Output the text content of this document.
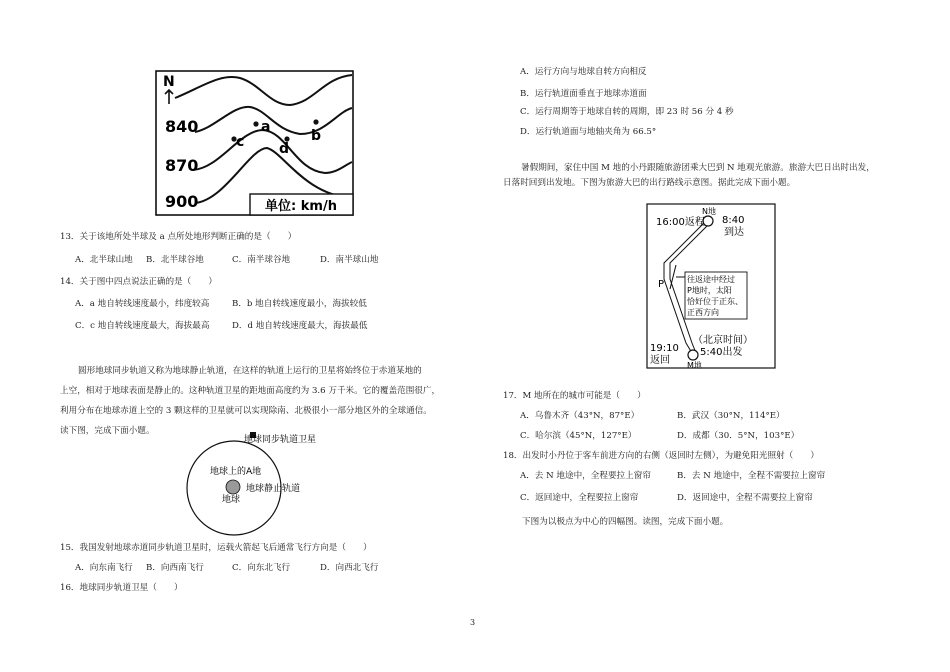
N
840
870
900
a
b
c d
单位: km/h
13．关于该地所处半球及 a 点所处地形判断正确的是（　　）
A．北半球山地 B．北半球谷地	C．南半球谷地	D．南半球山地
14．关于图中四点说法正确的是（　　）
A．a 地自转线速度最小，纬度较高	B．b 地自转线速度最小，海拔较低
C．c 地自转线速度最大，海拔最高	D．d 地自转线速度最大，海拔最低
圆形地球同步轨道又称为地球静止轨道，在这样的轨道上运行的卫星将始终位于赤道某地的
上空，相对于地球表面是静止的。这种轨道卫星的距地面高度约为 3.6 万千米。它的覆盖范围很广，
利用分布在地球赤道上空的 3 颗这样的卫星就可以实现除南、北极很小一部分地区外的全球通信。
读下图，完成下面小题。
地球同步轨道卫星
地球上的A地
地球
地球静止轨道
15．我国发射地球赤道同步轨道卫星时，运载火箭起飞后通常飞行方向是（　　）
A．向东南飞行 B．向西南飞行	C．向东北飞行	D．向西北飞行
16．地球同步轨道卫星（　　）
A．运行方向与地球自转方向相反
B．运行轨道面垂直于地球赤道面
C．运行周期等于地球自转的周期，即 23 时 56 分 4 秒
D．运行轨道面与地轴夹角为 66.5°
暑假期间，家住中国 M 地的小丹跟随旅游团乘大巴到 N 地观光旅游。旅游大巴日出时出发，
日落时回到出发地。下图为旅游大巴的出行路线示意图。据此完成下面小题。
N地
8:40
到达
16:00返程
P	往返途中经过
P地时，太阳
恰好位于正东、
正西方向
（北京时间）
19:10
返回
5:40出发
M地
17．M 地所在的城市可能是（　　）
A．乌鲁木齐（43°N，87°E）	B．武汉（30°N，114°E）
C．哈尔滨（45°N，127°E）	D．成都（30．5°N，103°E）
18．出发时小丹位于客车前进方向的右侧（返回时左侧），为避免阳光照射（　　）
A．去 N 地途中，全程要拉上窗帘	B．去 N 地途中，全程不需要拉上窗帘
C．返回途中，全程要拉上窗帘	D．返回途中，全程不需要拉上窗帘
下图为以极点为中心的四幅图。读图，完成下面小题。
3
